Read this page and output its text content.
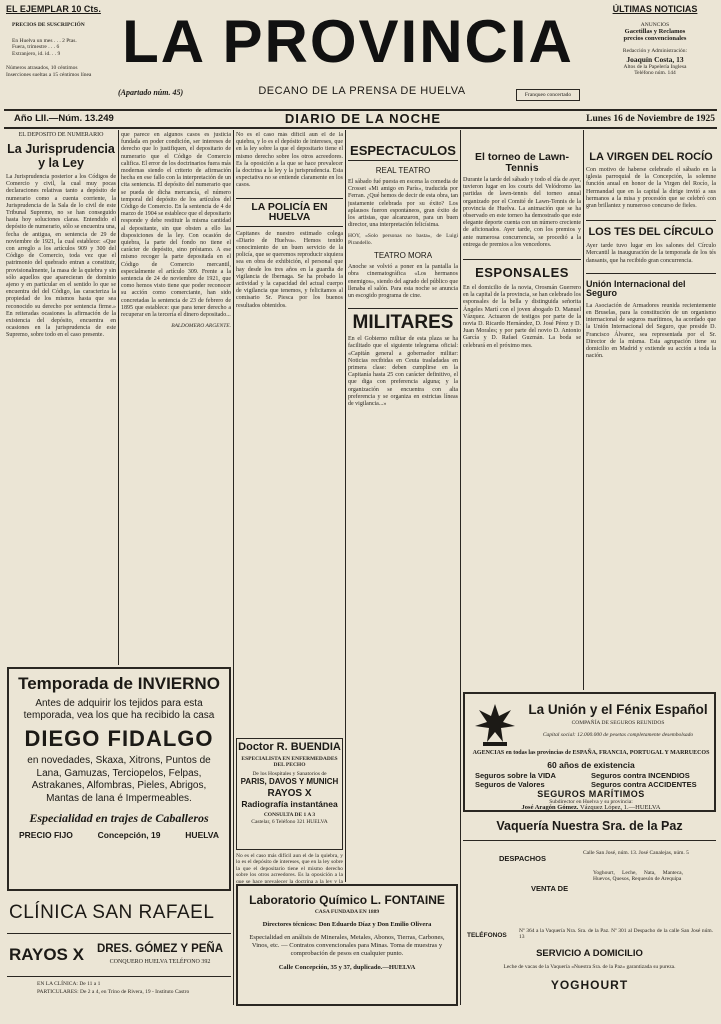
EL EJEMPLAR 10 Cts.
PRECIOS DE SUSCRIPCIÓN
En Huelva un mes . . . 2 Ptas.
Fuera, trimestre . . . 6
Extranjero, id. id. . . 9
Números atrasados, 10 céntimos
Inserciones sueltas a 15 céntimos línea LA PROVINCIA
(Apartado núm. 45)	DECANO DE LA PRENSA DE HUELVA	Franqueo concertado
ÚLTIMAS NOTICIAS
ANUNCIOS
Gacetillas y Reclamos
precios convencionales
Redacción y Administración:
Joaquín Costa, 13
Altos de la Papelería Inglesa
Teléfono núm. 144
Año LII.—Núm. 13.249	DIARIO DE LA NOCHE	Lunes 16 de Noviembre de 1925
EL DEPÓSITO DE NUMERARIO
La Jurisprudencia y la Ley
La Jurisprudencia posterior a los Códigos de Comercio y civil, la cual muy pocas declaraciones relativas tanto a depósito de numerario como a cuenta corriente, la Jurisprudencia de la Sala de lo civil de este Tribunal Supremo, no se han conseguido hasta hoy soluciones claras. Entendido el depósito de numerario, sólo se encuentra una, fecha de antigua, en sentencia de 29 de noviembre de 1921, la cual establece: «Que con arreglo a los artículos 909 y 300 del Código de Comercio, toda vez que el patrimonio del quebrado entran a constituir, provisionalmente, la masa de la quiebra y sin sólo aquellos que aparecieran de dominio ajeno y en particular en el sentido lo que se encuentra del del Código, las caracteriza la propiedad de los mismos hasta que sea reconocido su derecho por sentencia firme.» En reiteradas ocasiones la afirmación de la existencia del depósito, encuentra en ocasiones en la jurisprudencia de este Supremo, sobre todo en el caso presente.
que parece en algunos casos es justicia fundada en poder condición, ser intereses de derecho que lo justifiquen, el depositario de numerario que el Código de Comercio califica. El error de los doctrinarios fuera más modernas siendo el criterio de afirmación hecha en ese fallo con la interpretación de un cita sentencia. El depósito del numerario que se pueda de dicha mercancía, el número temporal del depósito de los artículos del Código de Comercio. En la sentencia de 4 de marzo de 1904 se establece que el depositario responde y debe restituir la misma cantidad al depositante, sin que obsten a ello las disposiciones de la ley. Con ocasión de quiebra, la parte del fondo no tiene el carácter de depósito, sino préstamo. A ese mismo recoger la parte depositada en el Código de Comercio mercantil, especialmente el artículo 309. Frente a la sentencia de 24 de noviembre de 1921, que como hemos visto tiene que poder reconocer su acción como comerciante, han sido concretadas la sentencia de 23 de febrero de 1895 que establece: que para tener derecho a recuperar en la tercería el dinero depositado...
BALDOMERO ARGENTE.
Temporada de INVIERNO
Antes de adquirir los tejidos para esta temporada, vea los que ha recibido la casa
DIEGO FIDALGO
en novedades, Skaxa, Xitrons, Puntos de Lana, Gamuzas, Terciopelos, Felpas, Astrakanes, Alfombras, Pieles, Abrigos, Mantas de lana é Impermeables.
Especialidad en trajes de Caballeros
PRECIO FIJO	Concepción, 19	HUELVA
CLÍNICA SAN RAFAEL
RAYOS X	DRES. GÓMEZ Y PEÑA
CONQUERO HUELVA TELÉFONO 392
EN LA CLÍNICA: De 11 a 1
PARTICULARES: De 2 a 4, en Trino de Rivera, 19 - Instituto Castro
No es el caso más difícil aun el de la quiebra, y lo es el depósito de intereses, que en la ley sobre la que el depositario tiene el mismo derecho sobre los otros acreedores. Es la oposición a la que se hace prevalecer la doctrina a la ley y la jurisprudencia. Esta expectativa no se entiende claramente en los casos.
LA POLICÍA EN HUELVA
Capitanes de nuestro estimado colega «Diario de Huelva». Hemos tenido conocimiento de un buen servicio de la policía, que se queremos reproducir siquiera sea en obra de exhibición, el personal que hay desde los tres años en la guardia de vigilancia de Ibernaga. Se ha probado la actividad y la capacidad del actual cuerpo de vigilancia que tenemos, y felicitamos al comisario Sr. Piesca por los buenos resultados obtenidos.
Doctor R. BUENDIA
ESPECIALISTA EN ENFERMEDADES DEL PECHO
De los Hospitales y Sanatorios de
PARIS, DAVOS Y MUNICH
RAYOS X
Radiografía instantánea
CONSULTA DE 1 A 3
Castelar, 6 Teléfono 321 HUELVA
No es el caso más difícil aun el de la quiebra, y lo es el depósito de intereses, que en la ley sobre la que el depositario tiene el mismo derecho sobre los otros acreedores. Es la oposición a la que se hace prevalecer la doctrina a la ley y la
ESPECTACULOS
REAL TEATRO
El sábado fué puesta en escena la comedia de Crosset «Mi amigo en París», traducida por Ferran. ¿Qué hemos de decir de esta obra, tan justamente celebrada por su éxito? Los aplausos fueron espontáneos, gran éxito de los artistas, que alcanzaron, para un buen director, una interpretación felicísima.
HOY, «Solo personas no basta», de Luigi Pirandello.
TEATRO MORA
Anoche se volvió a poner en la pantalla la obra cinematográfica «Los hermanos enemigos», siendo del agrado del público que llenaba el salón. Para esta noche se anuncia un escogido programa de cine.
MILITARES
En el Gobierno militar de esta plaza se ha facilitado que el siguiente telegrama oficial: «Capitán general a gobernador militar: Noticias recibidas en Ceuta trasladadas en primera clase: deben cumplirse en la Capitanía hasta 25 con carácter definitivo, el que diga con preferencia alguna; y la organización se encuentra con alta preferencia y se organiza en estrictas líneas de vigilancia...»
Laboratorio Químico L. FONTAINE
CASA FUNDADA EN 1889
Directores técnicos: Don Eduardo Díaz y Don Emilio Olivera
Especialidad en análisis de Minerales, Metales, Abonos, Tierras, Carbones, Vinos, etc. — Contratos convencionales para Minas. Toma de muestras y comprobación de pesos en cualquier punto.
Calle Concepción, 35 y 37, duplicado.—HUELVA
El torneo de Lawn-Tennis
Durante la tarde del sábado y todo el día de ayer, tuvieron lugar en los courts del Velódromo las partidas de lawn-tennis del torneo anual organizado por el Comité de Lawn-Tennis de la provincia de Huelva. La animación que se ha observado en este torneo ha demostrado que este elegante deporte cuenta con un número creciente de aficionados. Ayer tarde, con los premios y ante numerosa concurrencia, se procedió a la entrega de premios a los vencedores.
ESPONSALES
En el domicilio de la novia, Orosmán Guerrero en la capital de la provincia, se han celebrado los esponsales de la bella y distinguida señorita Ángeles Martí con el joven abogado D. Manuel Vázquez. Actuaron de testigos por parte de la novia D. Ricardo Hernández, D. José Pérez y D. Juan Morales; y por parte del novio D. Antonio García y D. Rafael Guzmán. La boda se celebrará en el próximo mes.
LA VIRGEN DEL ROCÍO
Con motivo de haberse celebrado el sábado en la iglesia parroquial de la Concepción, la solemne función anual en honor de la Virgen del Rocío, la Hermandad que en la capital la dirige invitó a sus hermanos a la misa y procesión que se celebró con gran brillantez y numeroso concurso de fieles.
LOS TES DEL CÍRCULO
Ayer tarde tuvo lugar en los salones del Círculo Mercantil la inauguración de la temporada de los tés dansants, que ha recibido gran concurrencia.
Unión Internacional del Seguro
La Asociación de Armadores reunida recientemente en Bruselas, para la constitución de un organismo internacional de seguros marítimos, ha acordado que la Unión Internacional del Seguro, que preside D. Francisco Álvarez, sea representada por el Sr. Director de la misma. Esta agrupación tiene su domicilio en Madrid y extiende su acción a toda la nación.
La Unión y el Fénix Español
COMPAÑÍA DE SEGUROS REUNIDOS
Capital social: 12.000.000 de pesetas completamente desembolsado
AGENCIAS en todas las provincias de ESPAÑA, FRANCIA, PORTUGAL Y MARRUECOS
60 años de existencia
Seguros sobre la VIDA	Seguros contra INCENDIOS
Seguros de Valores	Seguros contra ACCIDENTES
SEGUROS MARÍTIMOS
Subdirector en Huelva y su provincia:
José Aragón Gómez. Vázquez López, 1.—HUELVA
Vaquería Nuestra Sra. de la Paz
DESPACHOS
Calle San José, núm. 13. José Canalejas, núm. 5
VENTA DE
Yoghourt, Leche, Nata, Manteca, Huevos, Quesos, Requesón de Arequipa
TELÉFONOS
Nº 364 a la Vaquería Nra. Sra. de la Paz. Nº 301 al Despacho de la calle San José núm. 13
SERVICIO A DOMICILIO
Leche de vacas de la Vaquería «Nuestra Sra. de la Paz» garantizada su pureza.
YOGHOURT
